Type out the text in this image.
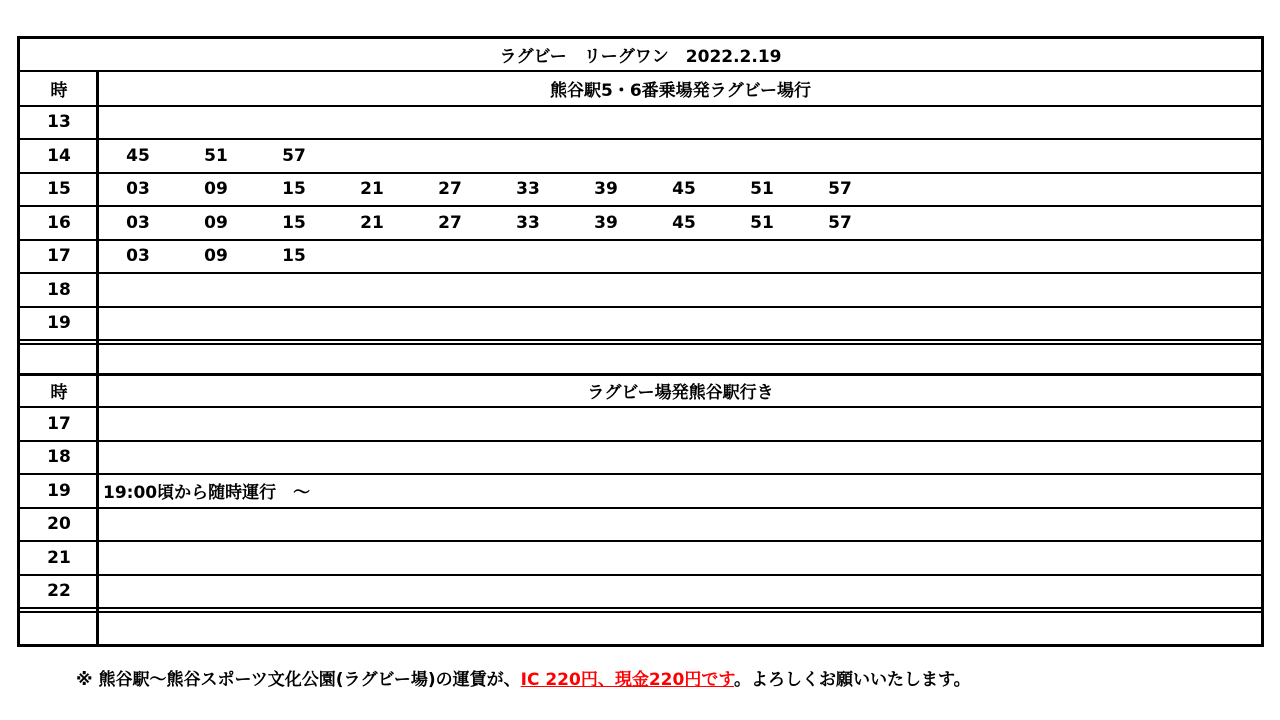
ラグビー　リーグワン　2022.2.19
時	熊谷駅5・6番乗場発ラグビー場行
13
14	45	51	57
15	03	09	15	21	27	33	39	45	51	57
16	03	09	15	21	27	33	39	45	51	57
17	03	09	15
18
19
時	ラグビー場発熊谷駅行き
17
18
19	19:00頃から随時運行　～
20
21
22
※ 熊谷駅～熊谷スポーツ文化公園(ラグビー場)の運賃が、IC 220円、現金220円です。よろしくお願いいたします。
